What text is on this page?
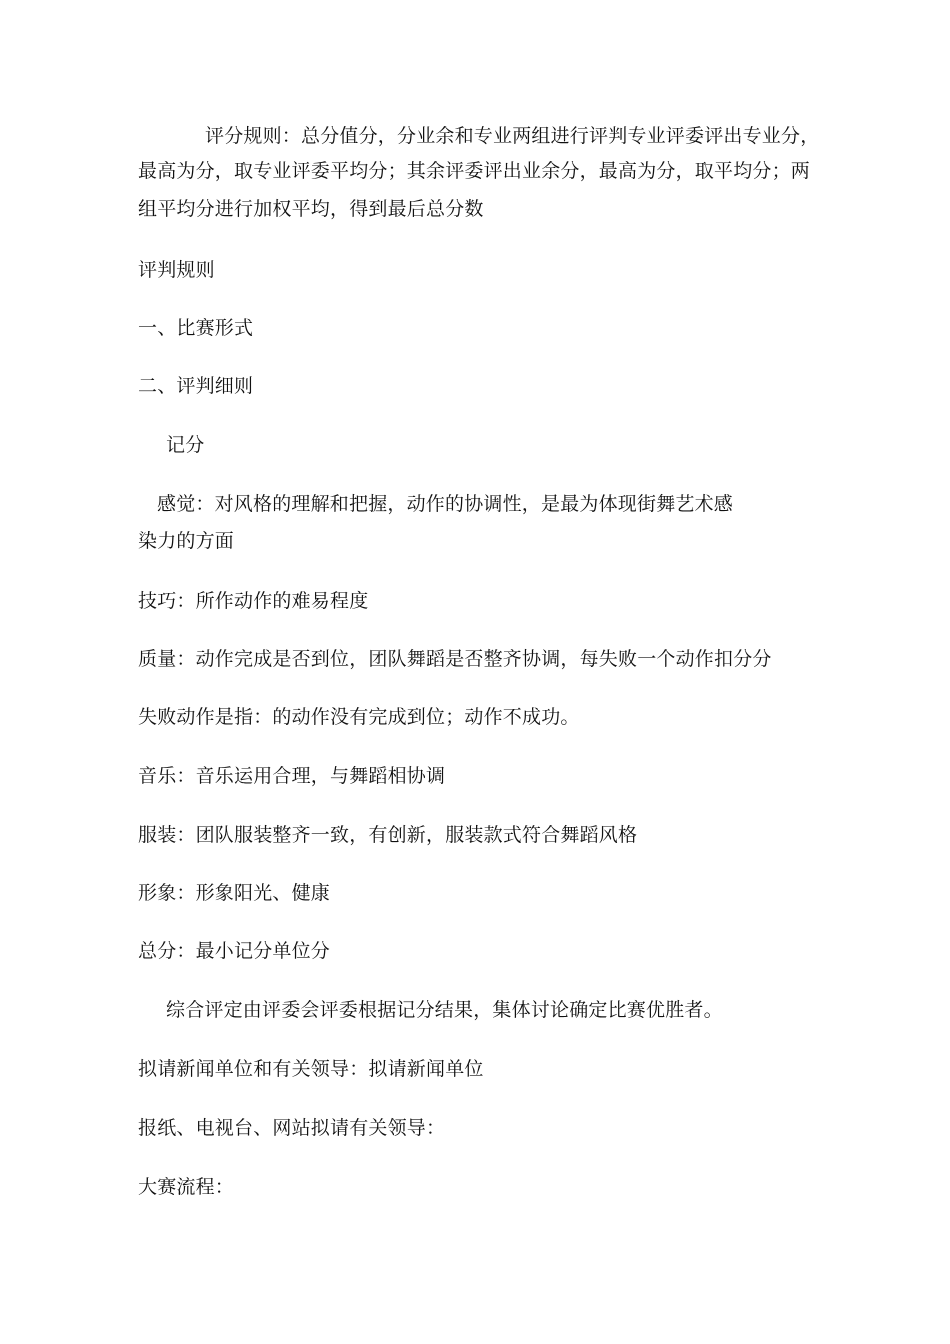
评分规则：总分值分，分业余和专业两组进行评判专业评委评出专业分，
最高为分，取专业评委平均分；其余评委评出业余分，最高为分，取平均分；两
组平均分进行加权平均，得到最后总分数
评判规则
一、比赛形式
二、评判细则
记分
感觉：对风格的理解和把握，动作的协调性，是最为体现街舞艺术感
染力的方面
技巧：所作动作的难易程度
质量：动作完成是否到位，团队舞蹈是否整齐协调，每失败一个动作扣分分
失败动作是指：的动作没有完成到位；动作不成功。
音乐：音乐运用合理，与舞蹈相协调
服装：团队服装整齐一致，有创新，服装款式符合舞蹈风格
形象：形象阳光、健康
总分：最小记分单位分
综合评定由评委会评委根据记分结果，集体讨论确定比赛优胜者。
拟请新闻单位和有关领导：拟请新闻单位
报纸、电视台、网站拟请有关领导：
大赛流程：
